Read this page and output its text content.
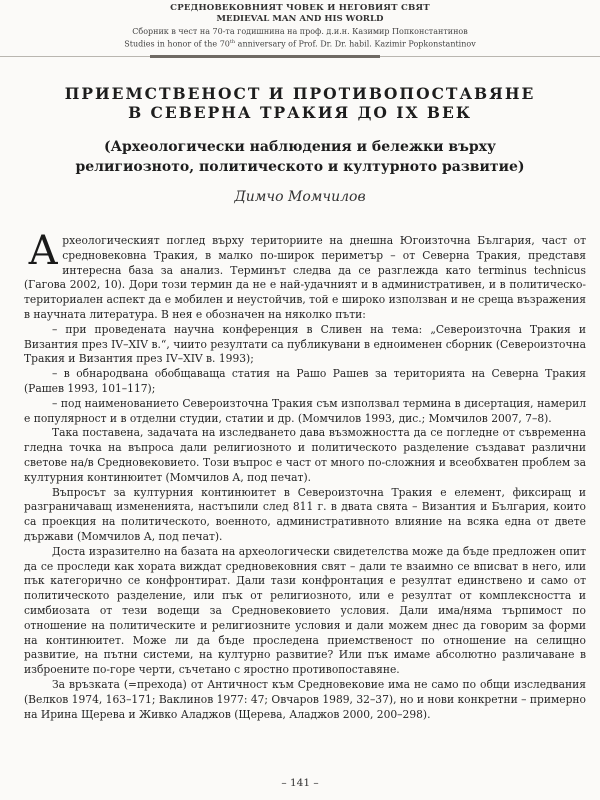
СРЕДНОВЕКОВНИЯТ ЧОВЕК И НЕГОВИЯТ СВЯТ
MEDIEVAL MAN AND HIS WORLD
Сборник в чест на 70-та годишнина на проф. д.и.н. Казимир Попконстантинов
Studies in honor of the 70th anniversary of Prof. Dr. Dr. habil. Kazimir Popkonstantinov
ПРИЕМСТВЕНОСТ И ПРОТИВОПОСТАВЯНЕ
В СЕВЕРНА ТРАКИЯ ДО IX ВЕК
(Археологически наблюдения и бележки върху
религиозното, политическото и културното развитие)
Димчо Момчилов

Археологическият поглед върху териториите на днешна Югоизточна България, част от средновековна Тракия, в малко по-широк периметър – от Северна Тракия, представя интересна база за анализ. Терминът следва да се разглежда като terminus technicus (Гагова 2002, 10). Дори този термин да не е най-удачният и в административен, и в политическо-териториален аспект да е мобилен и неустойчив, той е широко използван и не среща възражения в научната литература. В нея е обозначен на няколко пъти:

– при проведената научна конференция в Сливен на тема: „Североизточна Тракия и Византия през IV–XIV в.“, чиито резултати са публикувани в едноименен сборник (Североизточна Тракия и Византия през IV–XIV в. 1993);

– в обнародвана обобщаваща статия на Рашо Рашев за територията на Северна Тракия (Рашев 1993, 101–117);

– под наименованието Североизточна Тракия съм използвал термина в дисертация, намерил е популярност и в отделни студии, статии и др. (Момчилов 1993, дис.; Момчилов 2007, 7–8).

Така поставена, задачата на изследването дава възможността да се погледне от съвременна гледна точка на въпроса дали религиозното и политическото разделение създават различни светове на/в Средновековието. Този въпрос е част от много по-сложния и всеобхватен проблем за културния континюитет (Момчилов А, под печат).

Въпросът за културния континюитет в Североизточна Тракия е елемент, фиксиращ и разграничаващ измененията, настъпили след 811 г. в двата свята – Византия и България, които са проекция на политическото, военното, административното влияние на всяка една от двете държави (Момчилов А, под печат).

Доста изразително на базата на археологически свидетелства може да бъде предложен опит да се проследи как хората виждат средновековния свят – дали те взаимно се вписват в него, или пък категорично се конфронтират. Дали тази конфронтация е резултат единствено и само от политическото разделение, или пък от религиозното, или е резултат от комплексността и симбиозата от тези водещи за Средновековието условия. Дали има/няма търпимост по отношение на политическите и религиозните условия и дали можем днес да говорим за форми на континюитет. Може ли да бъде проследена приемственост по отношение на селищно развитие, на пътни системи, на културно развитие? Или пък имаме абсолютно различаване в изброените по-горе черти, съчетано с яростно противопоставяне.

За връзката (=прехода) от Античност към Средновековие има не само по общи изследвания (Велков 1974, 163–171; Ваклинов 1977: 47; Овчаров 1989, 32–37), но и нови конкретни – примерно на Ирина Щерева и Живко Аладжов (Щерева, Аладжов 2000, 200–298).

– 141 –
